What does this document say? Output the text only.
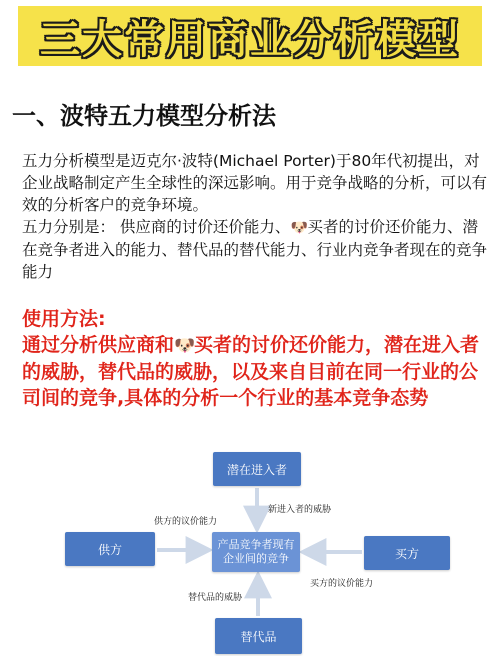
三大常用商业分析模型
一、波特五力模型分析法

五力分析模型是迈克尔·波特(Michael Porter)于80年代初提出，对企业战略制定产生全球性的深远影响。用于竞争战略的分析，可以有效的分析客户的竞争环境。

五力分别是： 供应商的讨价还价能力、🐶买者的讨价还价能力、潜在竞争者进入的能力、替代品的替代能力、行业内竞争者现在的竞争能力

使用方法:
通过分析供应商和🐶买者的讨价还价能力，潜在进入者的威胁，替代品的威胁，以及来自目前在同一行业的公司间的竞争,具体的分析一个行业的基本竞争态势
潜在进入者
供方	产品竞争者现有企业间的竞争	买方
替代品
供方的议价能力
新进入者的威胁
买方的议价能力
替代品的威胁
